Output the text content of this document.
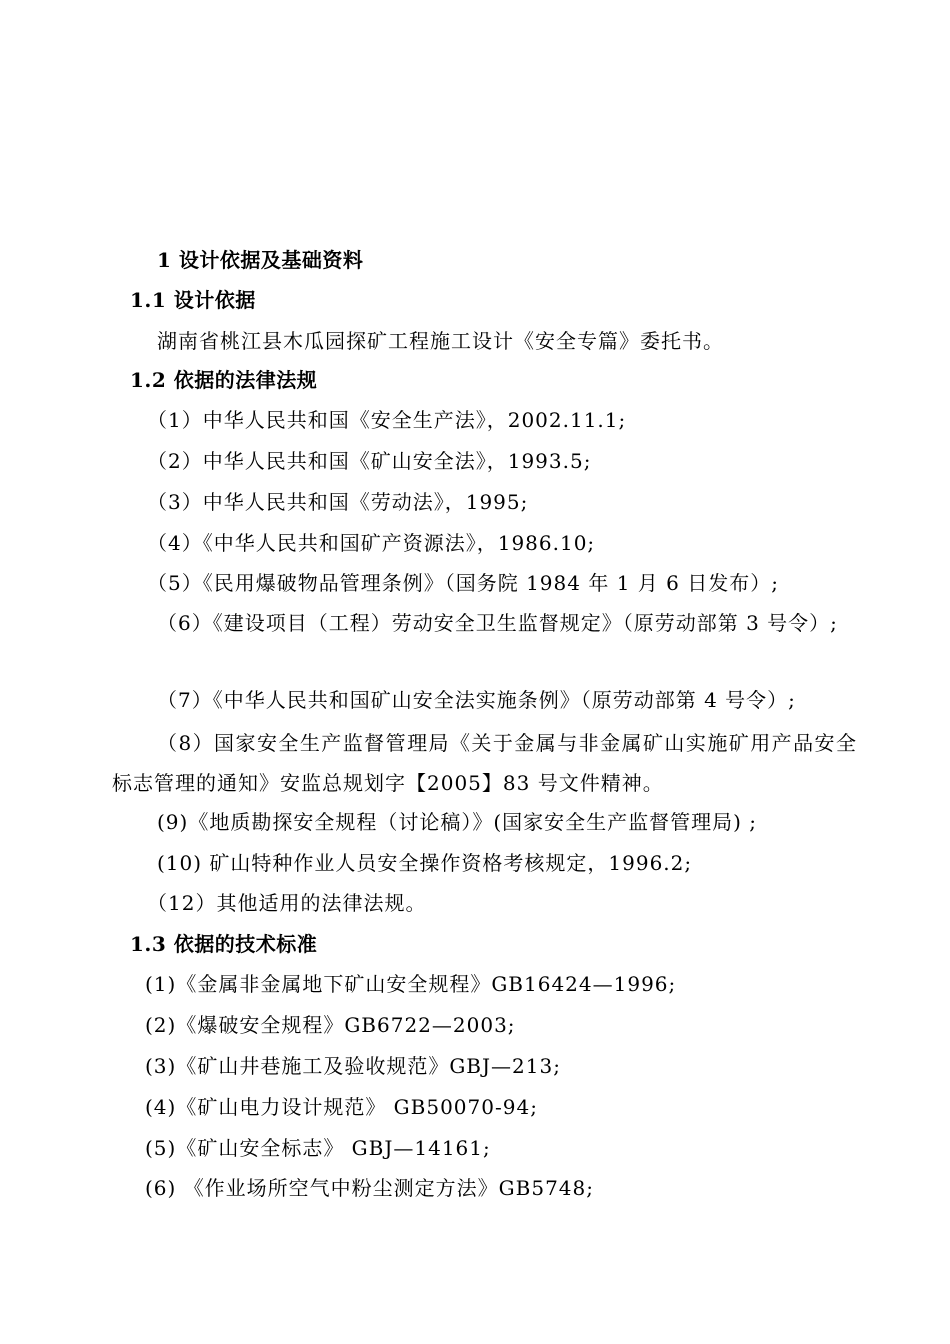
1 设计依据及基础资料
1.1 设计依据
湖南省桃江县木瓜园探矿工程施工设计《安全专篇》委托书。
1.2 依据的法律法规
（1）中华人民共和国《安全生产法》，2002.11.1;
（2）中华人民共和国《矿山安全法》，1993.5;
（3）中华人民共和国《劳动法》，1995;
（4）《中华人民共和国矿产资源法》，1986.10;
（5）《民用爆破物品管理条例》（国务院 1984 年 1 月 6 日发布）;
（6）《建设项目（工程）劳动安全卫生监督规定》（原劳动部第 3 号令）;
（7）《中华人民共和国矿山安全法实施条例》（原劳动部第 4 号令）;
（8）国家安全生产监督管理局《关于金属与非金属矿山实施矿用产品安全标志管理的通知》安监总规划字【2005】83 号文件精神。
(9)《地质勘探安全规程（讨论稿）》(国家安全生产监督管理局) ;
(10) 矿山特种作业人员安全操作资格考核规定，1996.2;
（12）其他适用的法律法规。
1.3 依据的技术标准
(1)《金属非金属地下矿山安全规程》GB16424—1996;
(2)《爆破安全规程》GB6722—2003;
(3)《矿山井巷施工及验收规范》GBJ—213;
(4)《矿山电力设计规范》 GB50070-94;
(5)《矿山安全标志》 GBJ—14161;
(6) 《作业场所空气中粉尘测定方法》GB5748;
